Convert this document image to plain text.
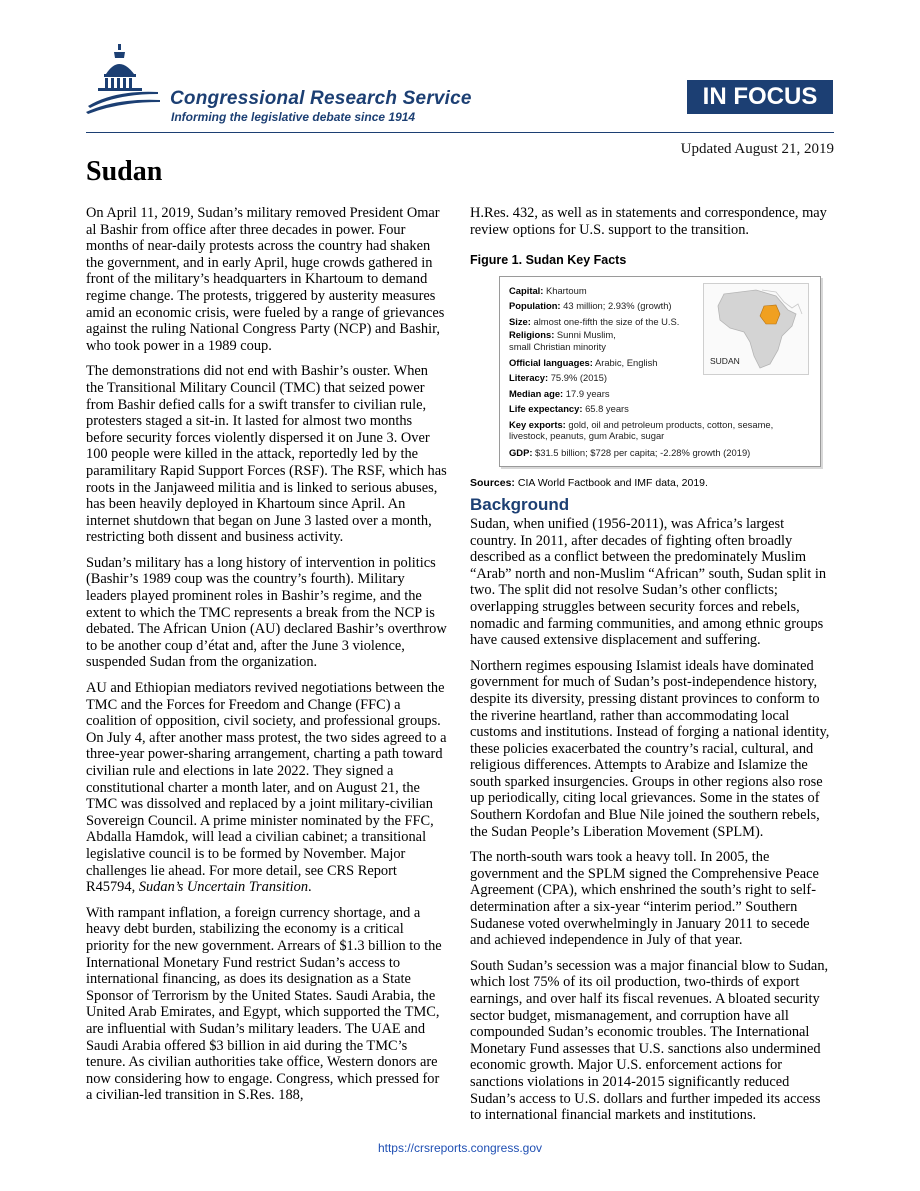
Congressional Research Service
Informing the legislative debate since 1914
IN FOCUS
Updated August 21, 2019
Sudan

On April 11, 2019, Sudan’s military removed President Omar al Bashir from office after three decades in power. Four months of near-daily protests across the country had shaken the government, and in early April, huge crowds gathered in front of the military’s headquarters in Khartoum to demand regime change. The protests, triggered by austerity measures amid an economic crisis, were fueled by a range of grievances against the ruling National Congress Party (NCP) and Bashir, who took power in a 1989 coup.

The demonstrations did not end with Bashir’s ouster. When the Transitional Military Council (TMC) that seized power from Bashir defied calls for a swift transfer to civilian rule, protesters staged a sit-in. It lasted for almost two months before security forces violently dispersed it on June 3. Over 100 people were killed in the attack, reportedly led by the paramilitary Rapid Support Forces (RSF). The RSF, which has roots in the Janjaweed militia and is linked to serious abuses, has been heavily deployed in Khartoum since April. An internet shutdown that began on June 3 lasted over a month, restricting both dissent and business activity.

Sudan’s military has a long history of intervention in politics (Bashir’s 1989 coup was the country’s fourth). Military leaders played prominent roles in Bashir’s regime, and the extent to which the TMC represents a break from the NCP is debated. The African Union (AU) declared Bashir’s overthrow to be another coup d’état and, after the June 3 violence, suspended Sudan from the organization.

AU and Ethiopian mediators revived negotiations between the TMC and the Forces for Freedom and Change (FFC) a coalition of opposition, civil society, and professional groups. On July 4, after another mass protest, the two sides agreed to a three-year power-sharing arrangement, charting a path toward civilian rule and elections in late 2022. They signed a constitutional charter a month later, and on August 21, the TMC was dissolved and replaced by a joint military-civilian Sovereign Council. A prime minister nominated by the FFC, Abdalla Hamdok, will lead a civilian cabinet; a transitional legislative council is to be formed by November. Major challenges lie ahead. For more detail, see CRS Report R45794, Sudan’s Uncertain Transition.

With rampant inflation, a foreign currency shortage, and a heavy debt burden, stabilizing the economy is a critical priority for the new government. Arrears of $1.3 billion to the International Monetary Fund restrict Sudan’s access to international financing, as does its designation as a State Sponsor of Terrorism by the United States. Saudi Arabia, the United Arab Emirates, and Egypt, which supported the TMC, are influential with Sudan’s military leaders. The UAE and Saudi Arabia offered $3 billion in aid during the TMC’s tenure. As civilian authorities take office, Western donors are now considering how to engage. Congress, which pressed for a civilian-led transition in S.Res. 188,

H.Res. 432, as well as in statements and correspondence, may review options for U.S. support to the transition.

Figure 1. Sudan Key Facts
Capital: Khartoum
Population: 43 million; 2.93% (growth)
Size: almost one-fifth the size of the U.S.
Religions: Sunni Muslim,
small Christian minority
Official languages: Arabic, English
Literacy: 75.9% (2015)
Median age: 17.9 years
Life expectancy: 65.8 years
Key exports: gold, oil and petroleum products, cotton, sesame, livestock, peanuts, gum Arabic, sugar
GDP: $31.5 billion; $728 per capita; -2.28% growth (2019)
SUDAN
Sources: CIA World Factbook and IMF data, 2019.
Background

Sudan, when unified (1956-2011), was Africa’s largest country. In 2011, after decades of fighting often broadly described as a conflict between the predominately Muslim “Arab” north and non-Muslim “African” south, Sudan split in two. The split did not resolve Sudan’s other conflicts; overlapping struggles between security forces and rebels, nomadic and farming communities, and among ethnic groups have caused extensive displacement and suffering.

Northern regimes espousing Islamist ideals have dominated government for much of Sudan’s post-independence history, despite its diversity, pressing distant provinces to conform to the riverine heartland, rather than accommodating local customs and institutions. Instead of forging a national identity, these policies exacerbated the country’s racial, cultural, and religious differences. Attempts to Arabize and Islamize the south sparked insurgencies. Groups in other regions also rose up periodically, citing local grievances. Some in the states of Southern Kordofan and Blue Nile joined the southern rebels, the Sudan People’s Liberation Movement (SPLM).

The north-south wars took a heavy toll. In 2005, the government and the SPLM signed the Comprehensive Peace Agreement (CPA), which enshrined the south’s right to self-determination after a six-year “interim period.” Southern Sudanese voted overwhelmingly in January 2011 to secede and achieved independence in July of that year.

South Sudan’s secession was a major financial blow to Sudan, which lost 75% of its oil production, two-thirds of export earnings, and over half its fiscal revenues. A bloated security sector budget, mismanagement, and corruption have all compounded Sudan’s economic troubles. The International Monetary Fund assesses that U.S. sanctions also undermined economic growth. Major U.S. enforcement actions for sanctions violations in 2014-2015 significantly reduced Sudan’s access to U.S. dollars and further impeded its access to international financial markets and institutions.

https://crsreports.congress.gov
